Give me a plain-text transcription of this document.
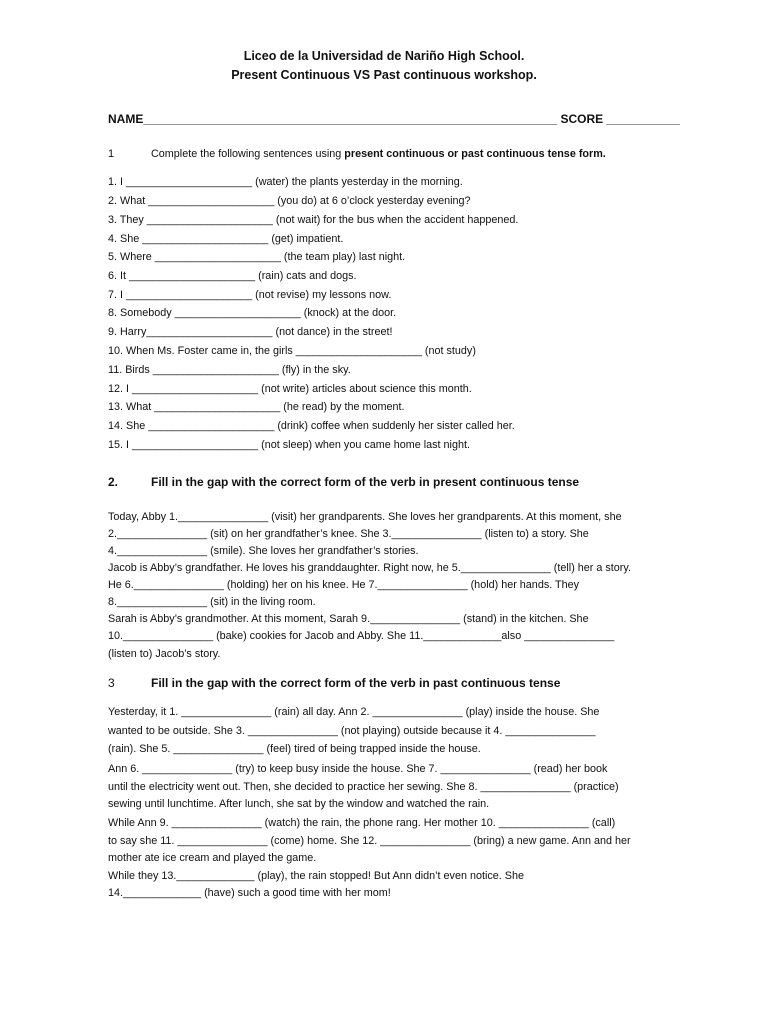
Liceo de la Universidad de Nariño High School.
Present Continuous VS Past continuous workshop.
NAME______________________________________________________________ SCORE ___________
1	Complete the following sentences using present continuous or past continuous tense form.
1. I _____________________ (water) the plants yesterday in the morning.
2. What _____________________ (you do) at 6 o’clock yesterday evening?
3. They _____________________ (not wait) for the bus when the accident happened.
4. She _____________________ (get) impatient.
5. Where _____________________ (the team play) last night.
6. It _____________________ (rain) cats and dogs.
7. I _____________________ (not revise) my lessons now.
8. Somebody _____________________ (knock) at the door.
9. Harry_____________________ (not dance) in the street!
10. When Ms. Foster came in, the girls _____________________ (not study)
11. Birds _____________________ (fly) in the sky.
12. I _____________________ (not write) articles about science this month.
13. What _____________________ (he read) by the moment.
14. She _____________________ (drink) coffee when suddenly her sister called her.
15. I _____________________ (not sleep) when you came home last night.
2.	Fill in the gap with the correct form of the verb in present continuous tense
Today, Abby 1._______________ (visit) her grandparents. She loves her grandparents. At this moment, she
2._______________ (sit) on her grandfather’s knee. She 3._______________ (listen to) a story. She
4._______________ (smile). She loves her grandfather’s stories.
Jacob is Abby’s grandfather. He loves his granddaughter. Right now, he 5._______________ (tell) her a story.
He 6._______________ (holding) her on his knee. He 7._______________ (hold) her hands. They
8._______________ (sit) in the living room.
Sarah is Abby’s grandmother. At this moment, Sarah 9._______________ (stand) in the kitchen. She
10._______________ (bake) cookies for Jacob and Abby. She 11._____________also _______________
(listen to) Jacob’s story.
3	Fill in the gap with the correct form of the verb in past continuous tense
Yesterday, it 1. _______________ (rain) all day. Ann 2. _______________ (play) inside the house. She
wanted to be outside. She 3. _______________ (not playing) outside because it 4. _______________
(rain). She 5. _______________ (feel) tired of being trapped inside the house.
Ann 6. _______________ (try) to keep busy inside the house. She 7. _______________ (read) her book
until the electricity went out. Then, she decided to practice her sewing. She 8. _______________ (practice)
sewing until lunchtime. After lunch, she sat by the window and watched the rain.
While Ann 9. _______________ (watch) the rain, the phone rang. Her mother 10. _______________ (call)
to say she 11. _______________ (come) home. She 12. _______________ (bring) a new game. Ann and her
mother ate ice cream and played the game.
While they 13._____________ (play), the rain stopped! But Ann didn’t even notice. She
14._____________ (have) such a good time with her mom!
